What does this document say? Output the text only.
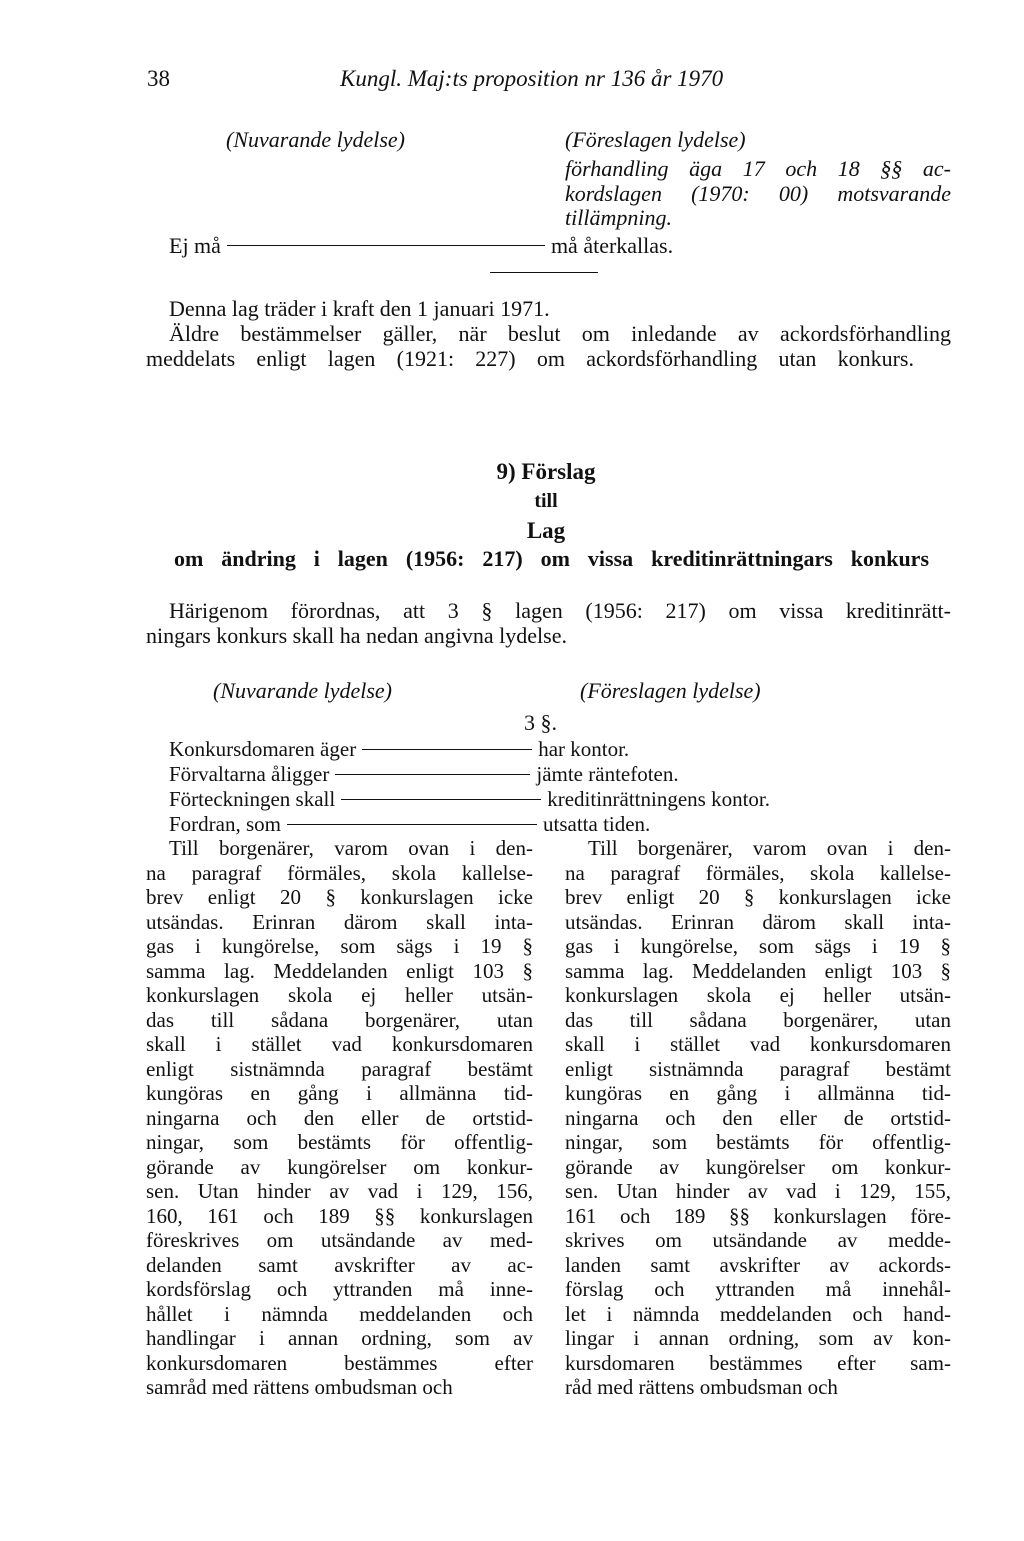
38	Kungl. Maj:ts proposition nr 136 år 1970
(Nuvarande lydelse)	(Föreslagen lydelse)
förhandling äga 17 och 18 §§ ac-
kordslagen (1970: 00) motsvarande
tillämpning.
Ej må	må återkallas.
Denna lag träder i kraft den 1 januari 1971.
Äldre bestämmelser gäller, när beslut om inledande av ackordsförhandling
meddelats enligt lagen (1921: 227) om ackordsförhandling utan konkurs.
9) Förslag
till
Lag
om ändring i lagen (1956: 217) om vissa kreditinrättningars konkurs
Härigenom förordnas, att 3 § lagen (1956: 217) om vissa kreditinrätt-
ningars konkurs skall ha nedan angivna lydelse.
(Nuvarande lydelse)	(Föreslagen lydelse)
3 §.
Konkursdomaren äger	har kontor.
Förvaltarna åligger	jämte räntefoten.
Förteckningen skall	kreditinrättningens kontor.
Fordran, som	utsatta tiden.
Till borgenärer, varom ovan i den-
na paragraf förmäles, skola kallelse-
brev enligt 20 § konkurslagen icke
utsändas. Erinran därom skall inta-
gas i kungörelse, som sägs i 19 §
samma lag. Meddelanden enligt 103 §
konkurslagen skola ej heller utsän-
das till sådana borgenärer, utan
skall i stället vad konkursdomaren
enligt sistnämnda paragraf bestämt
kungöras en gång i allmänna tid-
ningarna och den eller de ortstid-
ningar, som bestämts för offentlig-
görande av kungörelser om konkur-
sen. Utan hinder av vad i 129, 156,
160, 161 och 189 §§ konkurslagen
föreskrives om utsändande av med-
delanden samt avskrifter av ac-
kordsförslag och yttranden må inne-
hållet i nämnda meddelanden och
handlingar i annan ordning, som av
konkursdomaren bestämmes efter
samråd med rättens ombudsman och
Till borgenärer, varom ovan i den-
na paragraf förmäles, skola kallelse-
brev enligt 20 § konkurslagen icke
utsändas. Erinran därom skall inta-
gas i kungörelse, som sägs i 19 §
samma lag. Meddelanden enligt 103 §
konkurslagen skola ej heller utsän-
das till sådana borgenärer, utan
skall i stället vad konkursdomaren
enligt sistnämnda paragraf bestämt
kungöras en gång i allmänna tid-
ningarna och den eller de ortstid-
ningar, som bestämts för offentlig-
görande av kungörelser om konkur-
sen. Utan hinder av vad i 129, 155,
161 och 189 §§ konkurslagen före-
skrives om utsändande av medde-
landen samt avskrifter av ackords-
förslag och yttranden må innehål-
let i nämnda meddelanden och hand-
lingar i annan ordning, som av kon-
kursdomaren bestämmes efter sam-
råd med rättens ombudsman och
